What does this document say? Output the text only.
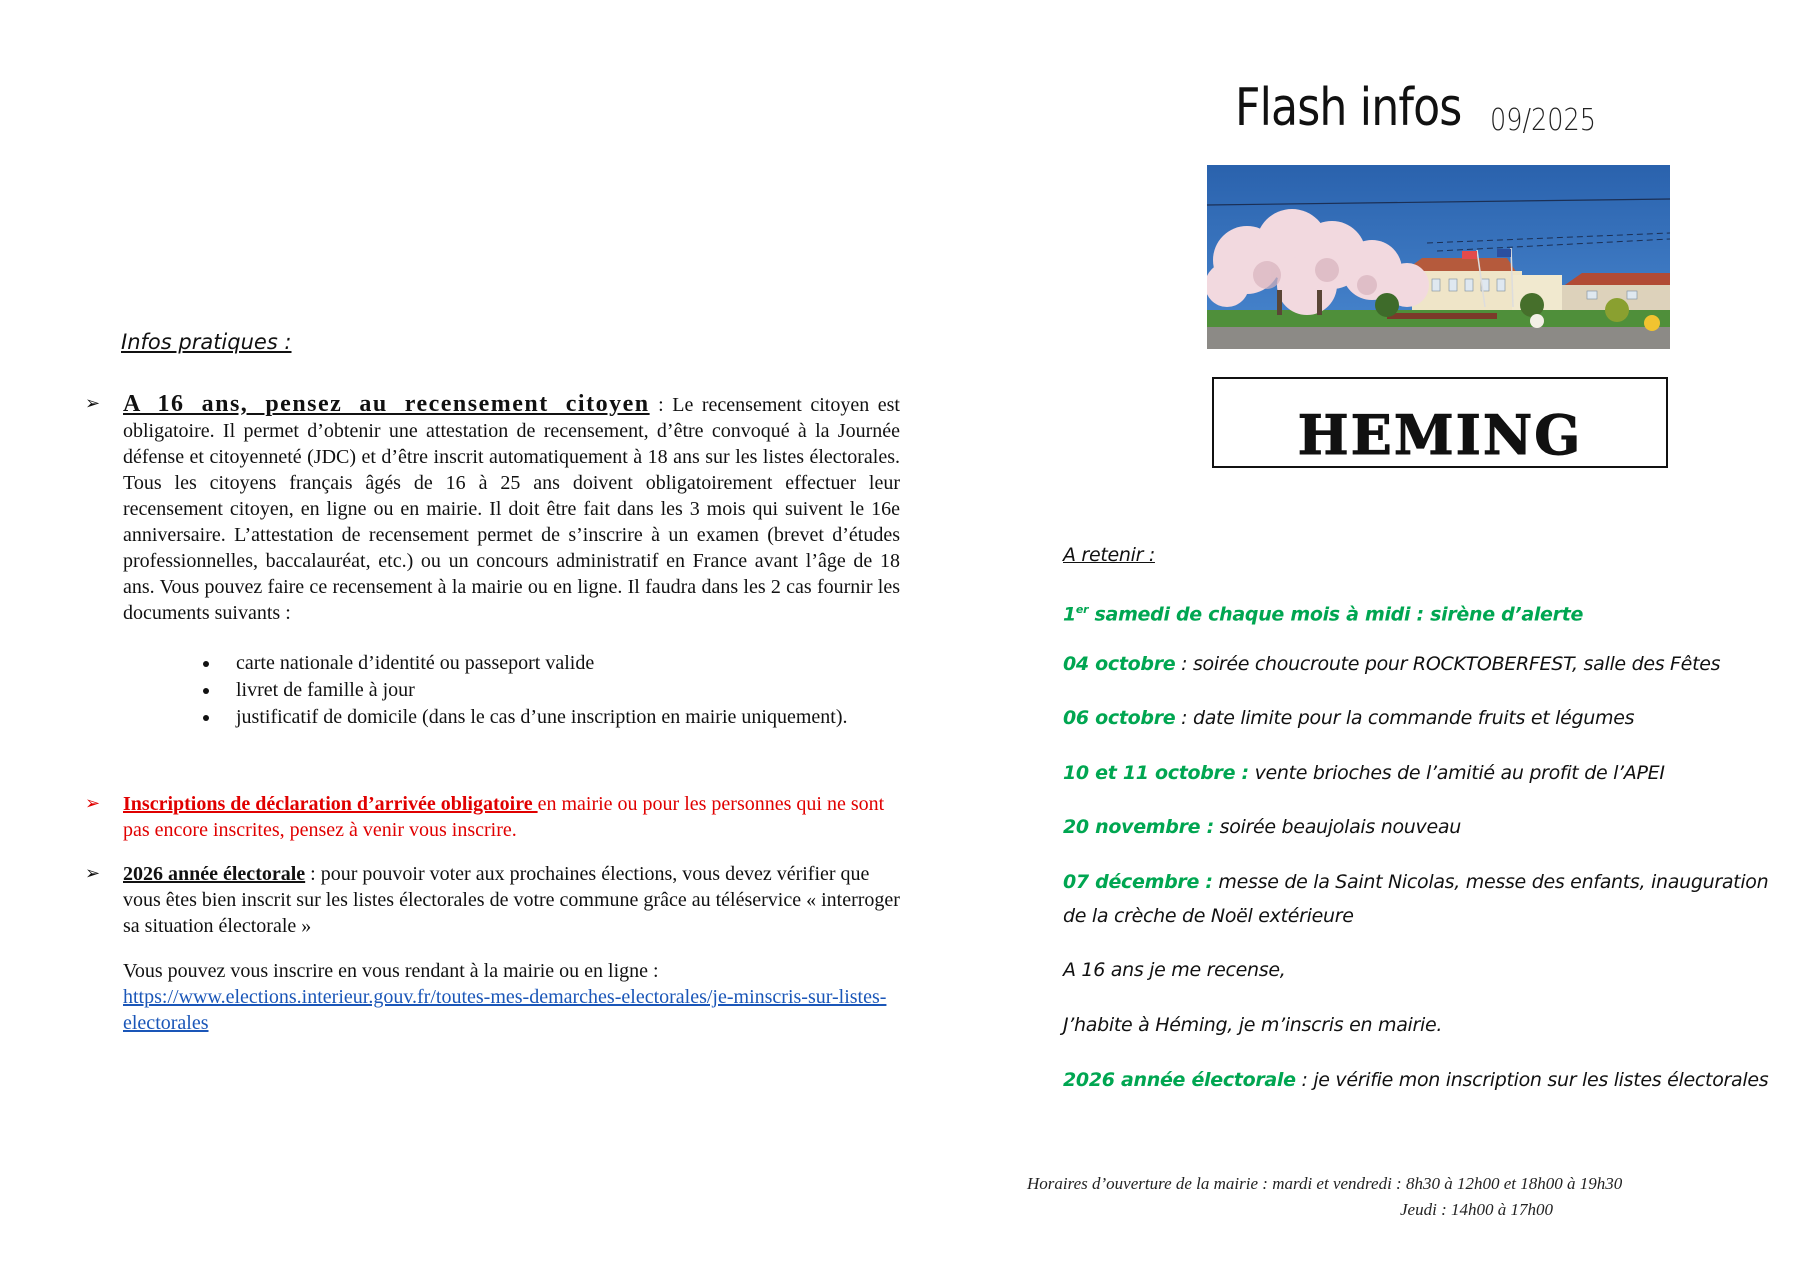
Flash infos 09/2025
HEMING
Infos pratiques :
➢ A 16 ans, pensez au recensement citoyen : Le recensement citoyen est obligatoire. Il permet d’obtenir une attestation de recensement, d’être convoqué à la Journée défense et citoyenneté (JDC) et d’être inscrit automatiquement à 18 ans sur les listes électorales. Tous les citoyens français âgés de 16 à 25 ans doivent obligatoirement effectuer leur recensement citoyen, en ligne ou en mairie. Il doit être fait dans les 3 mois qui suivent le 16e anniversaire. L’attestation de recensement permet de s’inscrire à un examen (brevet d’études professionnelles, baccalauréat, etc.) ou un concours administratif en France avant l’âge de 18 ans. Vous pouvez faire ce recensement à la mairie ou en ligne. Il faudra dans les 2 cas fournir les documents suivants :
carte nationale d’identité ou passeport valide
livret de famille à jour
justificatif de domicile (dans le cas d’une inscription en mairie uniquement).
➢ Inscriptions de déclaration d’arrivée obligatoire en mairie ou pour les personnes qui ne sont pas encore inscrites, pensez à venir vous inscrire.
➢ 2026 année électorale : pour pouvoir voter aux prochaines élections, vous devez vérifier que vous êtes bien inscrit sur les listes électorales de votre commune grâce au téléservice « interroger sa situation électorale »
Vous pouvez vous inscrire en vous rendant à la mairie ou en ligne :
https://www.elections.interieur.gouv.fr/toutes-mes-demarches-electorales/je-minscris-sur-listes-electorales
A retenir :
1er samedi de chaque mois à midi : sirène d’alerte
04 octobre : soirée choucroute pour ROCKTOBERFEST, salle des Fêtes
06 octobre : date limite pour la commande fruits et légumes
10 et 11 octobre : vente brioches de l’amitié au profit de l’APEI
20 novembre : soirée beaujolais nouveau
07 décembre : messe de la Saint Nicolas, messe des enfants, inauguration de la crèche de Noël extérieure
A 16 ans je me recense,
J’habite à Héming, je m’inscris en mairie.
2026 année électorale : je vérifie mon inscription sur les listes électorales
Horaires d’ouverture de la mairie : mardi et vendredi : 8h30 à 12h00 et 18h00 à 19h30
Jeudi : 14h00 à 17h00
